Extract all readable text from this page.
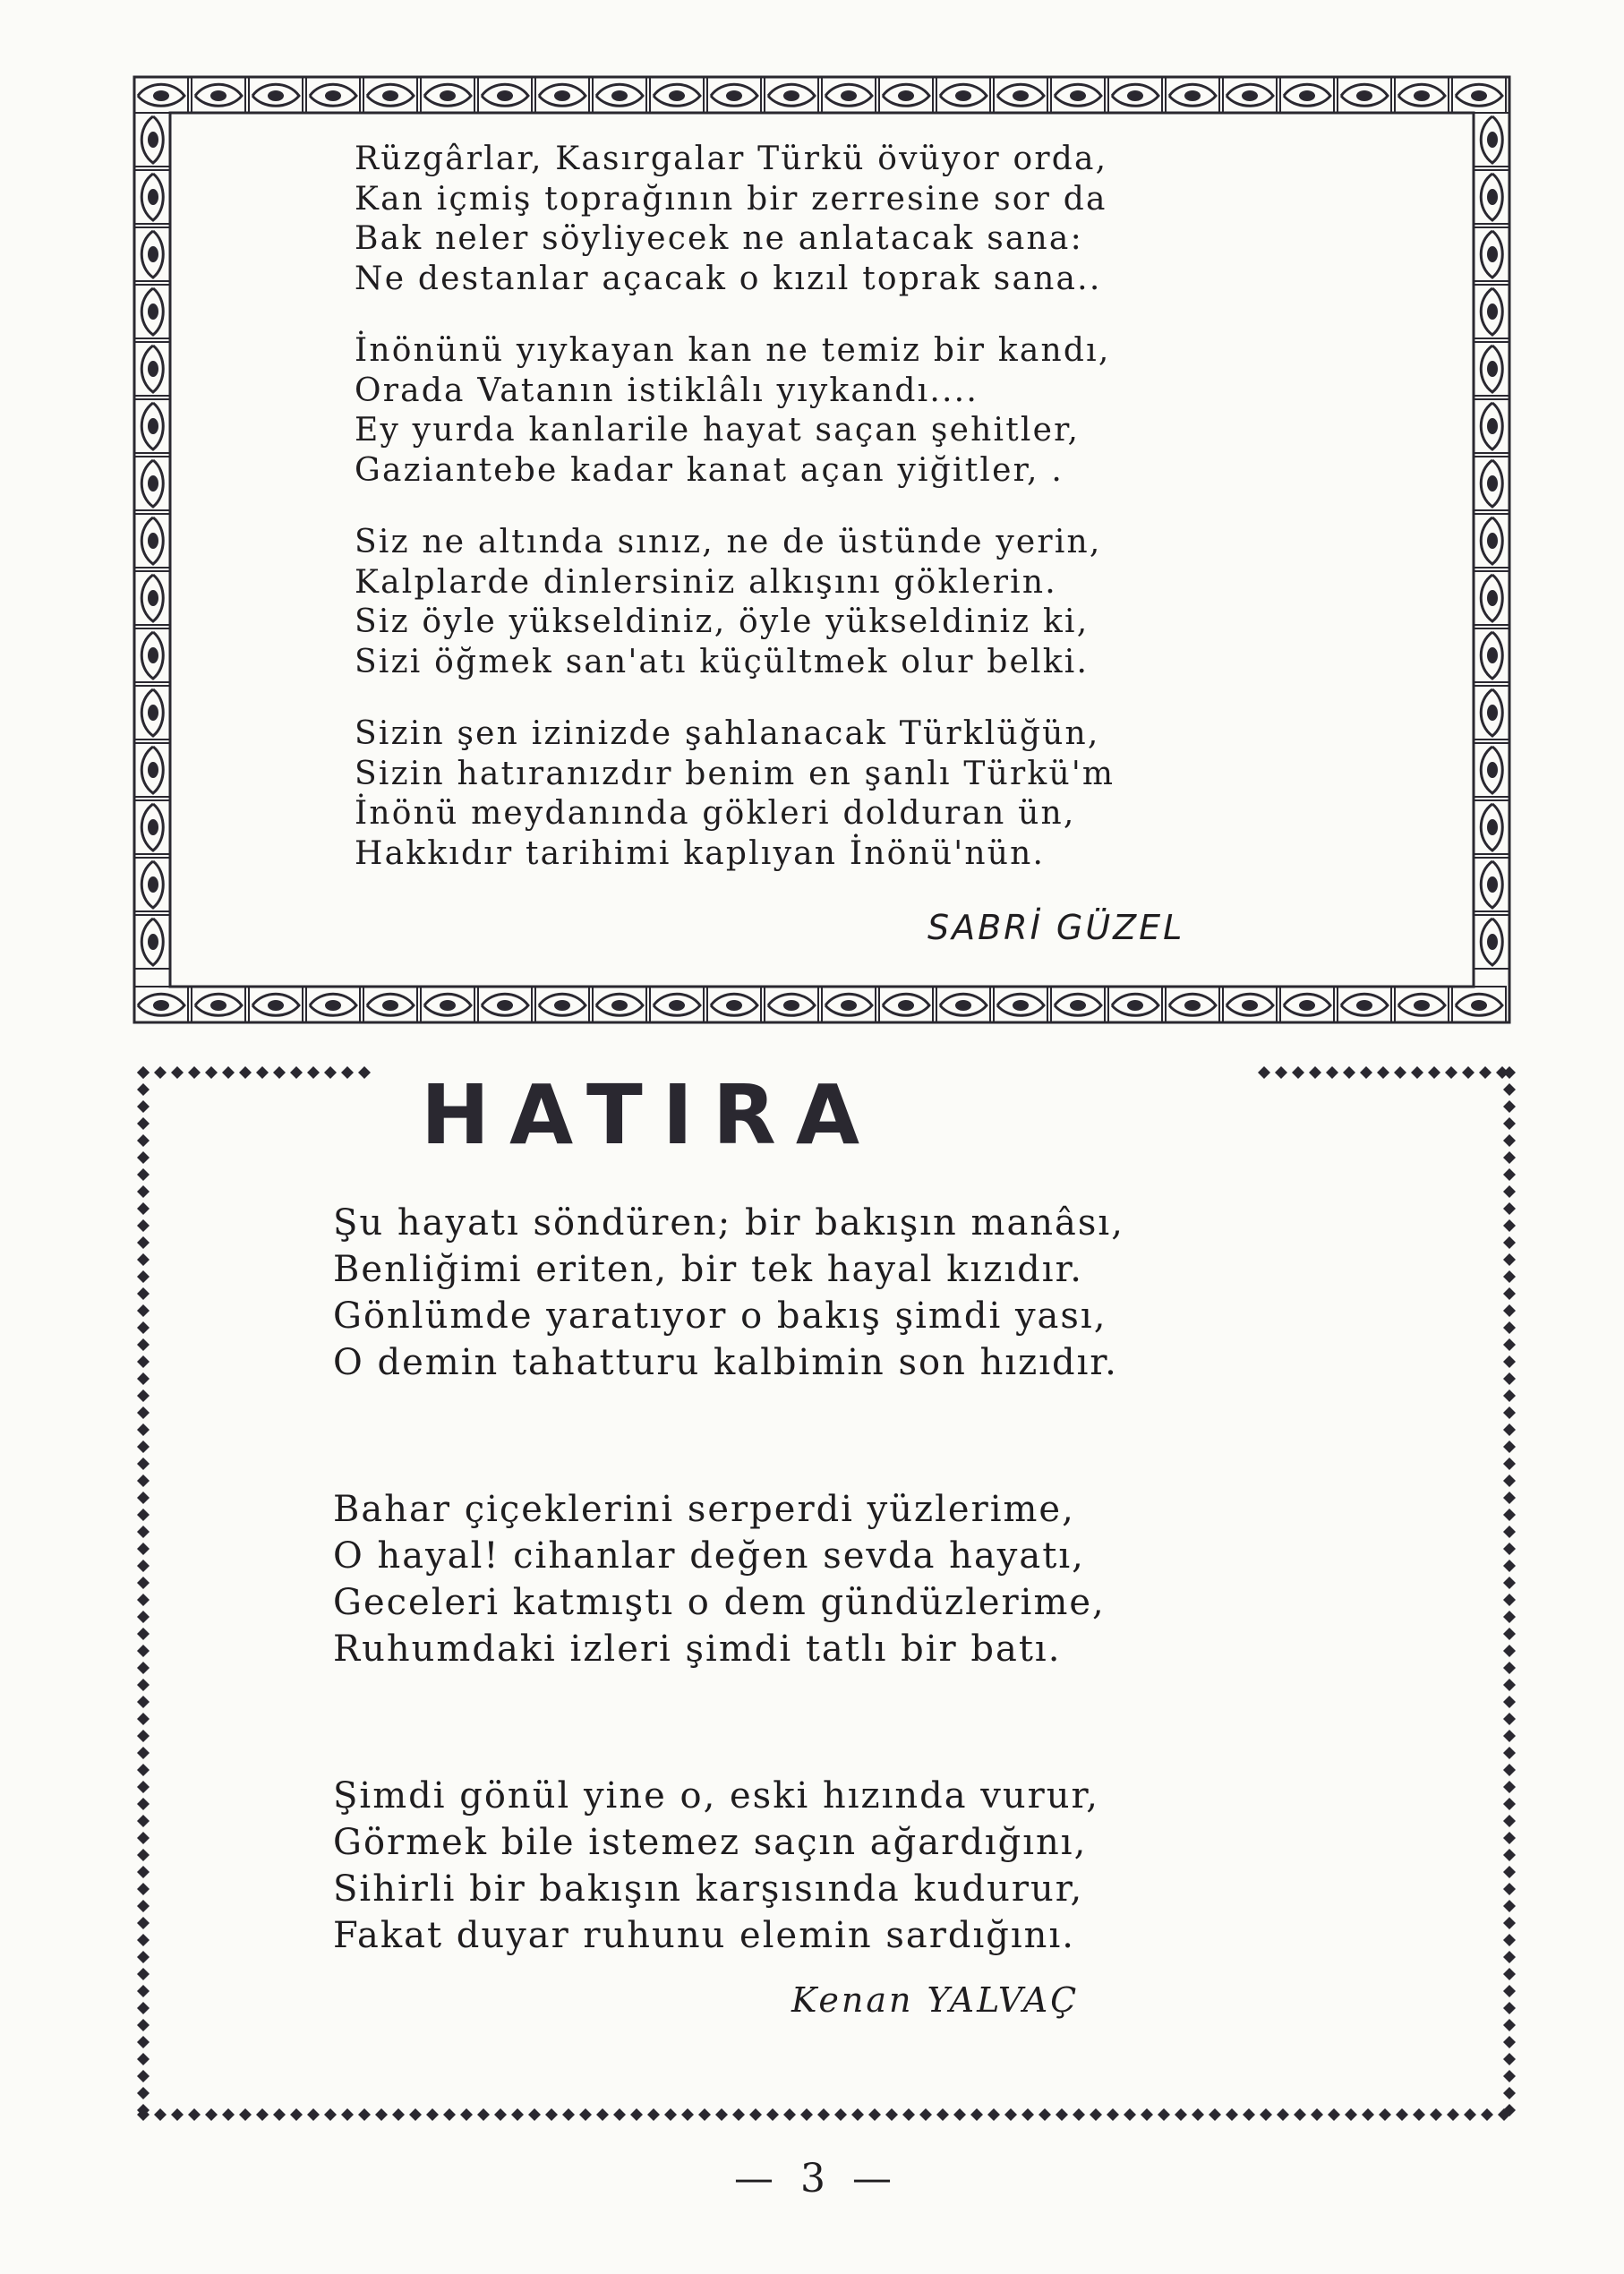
Rüzgârlar, Kasırgalar Türkü övüyor orda,
Kan içmiş toprağının bir zerresine sor da
Bak neler söyliyecek ne anlatacak sana:
Ne destanlar açacak o kızıl toprak sana..
İnönünü yıykayan kan ne temiz bir kandı,
Orada Vatanın istiklâlı yıykandı....
Ey yurda kanlarile hayat saçan şehitler,
Gaziantebe kadar kanat açan yiğitler, .
Siz ne altında sınız, ne de üstünde yerin,
Kalplarde dinlersiniz alkışını göklerin.
Siz öyle yükseldiniz, öyle yükseldiniz ki,
Sizi öğmek san'atı küçültmek olur belki.
Sizin şen izinizde şahlanacak Türklüğün,
Sizin hatıranızdır benim en şanlı Türkü'm
İnönü meydanında gökleri dolduran ün,
Hakkıdır tarihimi kaplıyan İnönü'nün.
SABRİ GÜZEL
HATIRA
Şu hayatı söndüren; bir bakışın manâsı,
Benliğimi eriten, bir tek hayal kızıdır.
Gönlümde yaratıyor o bakış şimdi yası,
O demin tahatturu kalbimin son hızıdır.
Bahar çiçeklerini serperdi yüzlerime,
O hayal! cihanlar değen sevda hayatı,
Geceleri katmıştı o dem gündüzlerime,
Ruhumdaki izleri şimdi tatlı bir batı.
Şimdi gönül yine o, eski hızında vurur,
Görmek bile istemez saçın ağardığını,
Sihirli bir bakışın karşısında kudurur,
Fakat duyar ruhunu elemin sardığını.
Kenan YALVAÇ
— 3 —
